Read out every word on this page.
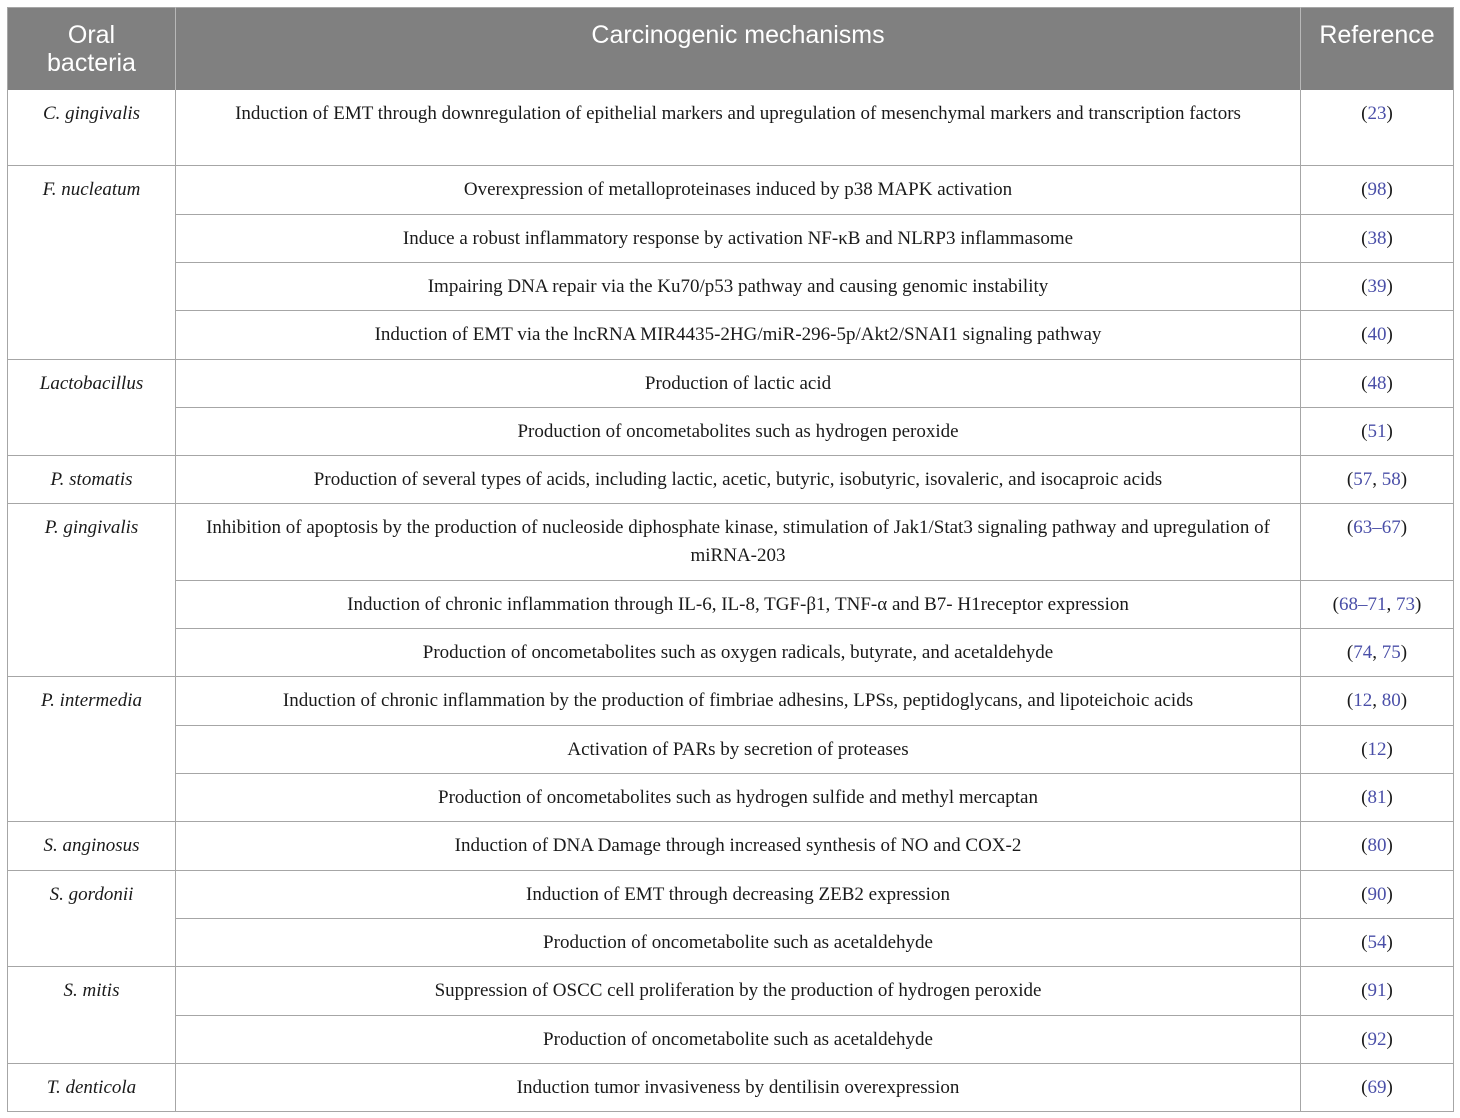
Oral
bacteria	Carcinogenic mechanisms	Reference
C. gingivalis	Induction of EMT through downregulation of epithelial markers and upregulation of mesenchymal markers and transcription factors	(23)
F. nucleatum	Overexpression of metalloproteinases induced by p38 MAPK activation	(98)
	Induce a robust inflammatory response by activation NF-κB and NLRP3 inflammasome	(38)
	Impairing DNA repair via the Ku70/p53 pathway and causing genomic instability	(39)
	Induction of EMT via the lncRNA MIR4435-2HG/miR-296-5p/Akt2/SNAI1 signaling pathway	(40)
Lactobacillus	Production of lactic acid	(48)
	Production of oncometabolites such as hydrogen peroxide	(51)
P. stomatis	Production of several types of acids, including lactic, acetic, butyric, isobutyric, isovaleric, and isocaproic acids	(57, 58)
P. gingivalis	Inhibition of apoptosis by the production of nucleoside diphosphate kinase, stimulation of Jak1/Stat3 signaling pathway and upregulation of miRNA-203	(63–67)
	Induction of chronic inflammation through IL-6, IL-8, TGF-β1, TNF-α and B7- H1receptor expression	(68–71, 73)
	Production of oncometabolites such as oxygen radicals, butyrate, and acetaldehyde	(74, 75)
P. intermedia	Induction of chronic inflammation by the production of fimbriae adhesins, LPSs, peptidoglycans, and lipoteichoic acids	(12, 80)
	Activation of PARs by secretion of proteases	(12)
	Production of oncometabolites such as hydrogen sulfide and methyl mercaptan	(81)
S. anginosus	Induction of DNA Damage through increased synthesis of NO and COX-2	(80)
S. gordonii	Induction of EMT through decreasing ZEB2 expression	(90)
	Production of oncometabolite such as acetaldehyde	(54)
S. mitis	Suppression of OSCC cell proliferation by the production of hydrogen peroxide	(91)
	Production of oncometabolite such as acetaldehyde	(92)
T. denticola	Induction tumor invasiveness by dentilisin overexpression	(69)
